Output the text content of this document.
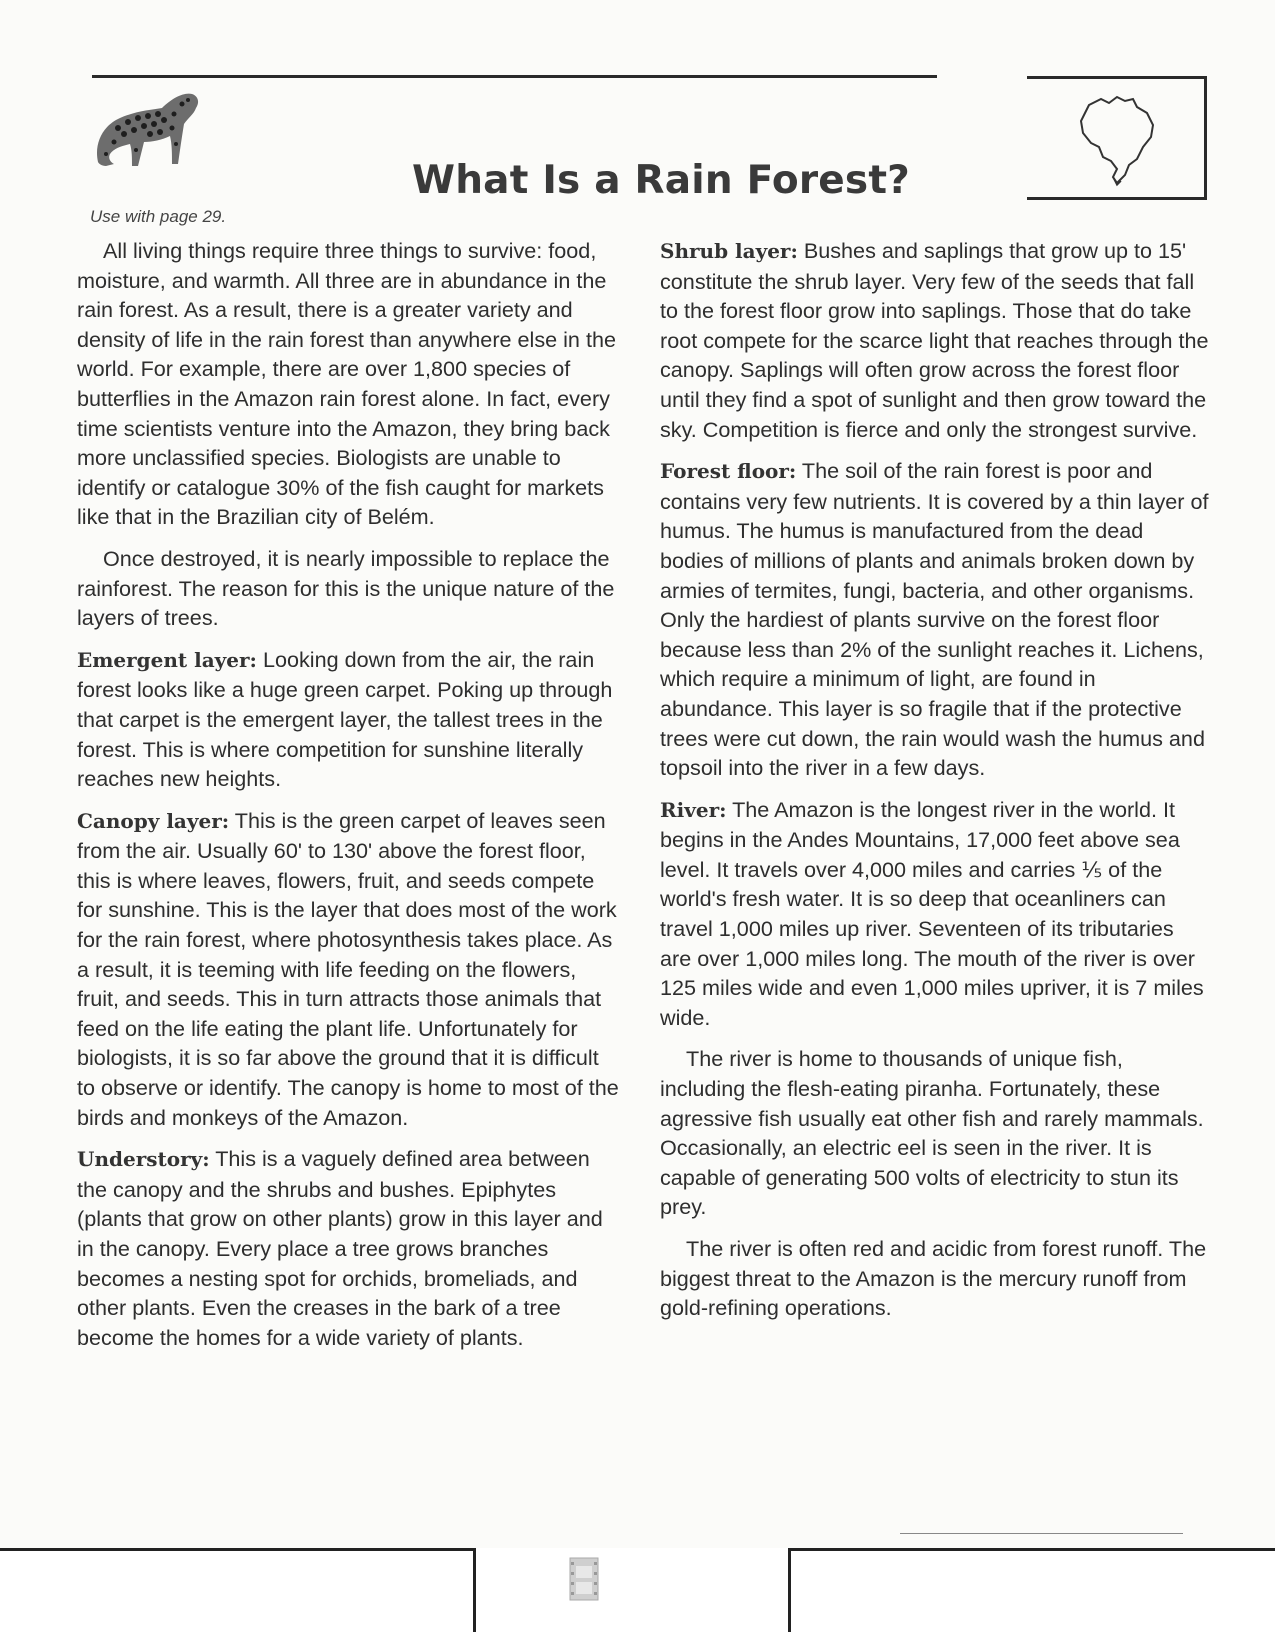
What Is a Rain Forest?
Use with page 29.

All living things require three things to survive: food, moisture, and warmth. All three are in abundance in the rain forest. As a result, there is a greater variety and density of life in the rain forest than anywhere else in the world. For example, there are over 1,800 species of butterflies in the Amazon rain forest alone. In fact, every time scientists venture into the Amazon, they bring back more unclassified species. Biologists are unable to identify or catalogue 30% of the fish caught for markets like that in the Brazilian city of Belém.

Once destroyed, it is nearly impossible to replace the rainforest. The reason for this is the unique nature of the layers of trees.

Emergent layer: Looking down from the air, the rain forest looks like a huge green carpet. Poking up through that carpet is the emergent layer, the tallest trees in the forest. This is where competition for sunshine literally reaches new heights.

Canopy layer: This is the green carpet of leaves seen from the air. Usually 60' to 130' above the forest floor, this is where leaves, flowers, fruit, and seeds compete for sunshine. This is the layer that does most of the work for the rain forest, where photosynthesis takes place. As a result, it is teeming with life feeding on the flowers, fruit, and seeds. This in turn attracts those animals that feed on the life eating the plant life. Unfortunately for biologists, it is so far above the ground that it is difficult to observe or identify. The canopy is home to most of the birds and monkeys of the Amazon.

Understory: This is a vaguely defined area between the canopy and the shrubs and bushes. Epiphytes (plants that grow on other plants) grow in this layer and in the canopy. Every place a tree grows branches becomes a nesting spot for orchids, bromeliads, and other plants. Even the creases in the bark of a tree become the homes for a wide variety of plants.

Shrub layer: Bushes and saplings that grow up to 15' constitute the shrub layer. Very few of the seeds that fall to the forest floor grow into saplings. Those that do take root compete for the scarce light that reaches through the canopy. Saplings will often grow across the forest floor until they find a spot of sunlight and then grow toward the sky. Competition is fierce and only the strongest survive.

Forest floor: The soil of the rain forest is poor and contains very few nutrients. It is covered by a thin layer of humus. The humus is manufactured from the dead bodies of millions of plants and animals broken down by armies of termites, fungi, bacteria, and other organisms. Only the hardiest of plants survive on the forest floor because less than 2% of the sunlight reaches it. Lichens, which require a minimum of light, are found in abundance. This layer is so fragile that if the protective trees were cut down, the rain would wash the humus and topsoil into the river in a few days.

River: The Amazon is the longest river in the world. It begins in the Andes Mountains, 17,000 feet above sea level. It travels over 4,000 miles and carries ⅕ of the world's fresh water. It is so deep that oceanliners can travel 1,000 miles up river. Seventeen of its tributaries are over 1,000 miles long. The mouth of the river is over 125 miles wide and even 1,000 miles upriver, it is 7 miles wide.

The river is home to thousands of unique fish, including the flesh-eating piranha. Fortunately, these agressive fish usually eat other fish and rarely mammals. Occasionally, an electric eel is seen in the river. It is capable of generating 500 volts of electricity to stun its prey.

The river is often red and acidic from forest runoff. The biggest threat to the Amazon is the mercury runoff from gold-refining operations.
